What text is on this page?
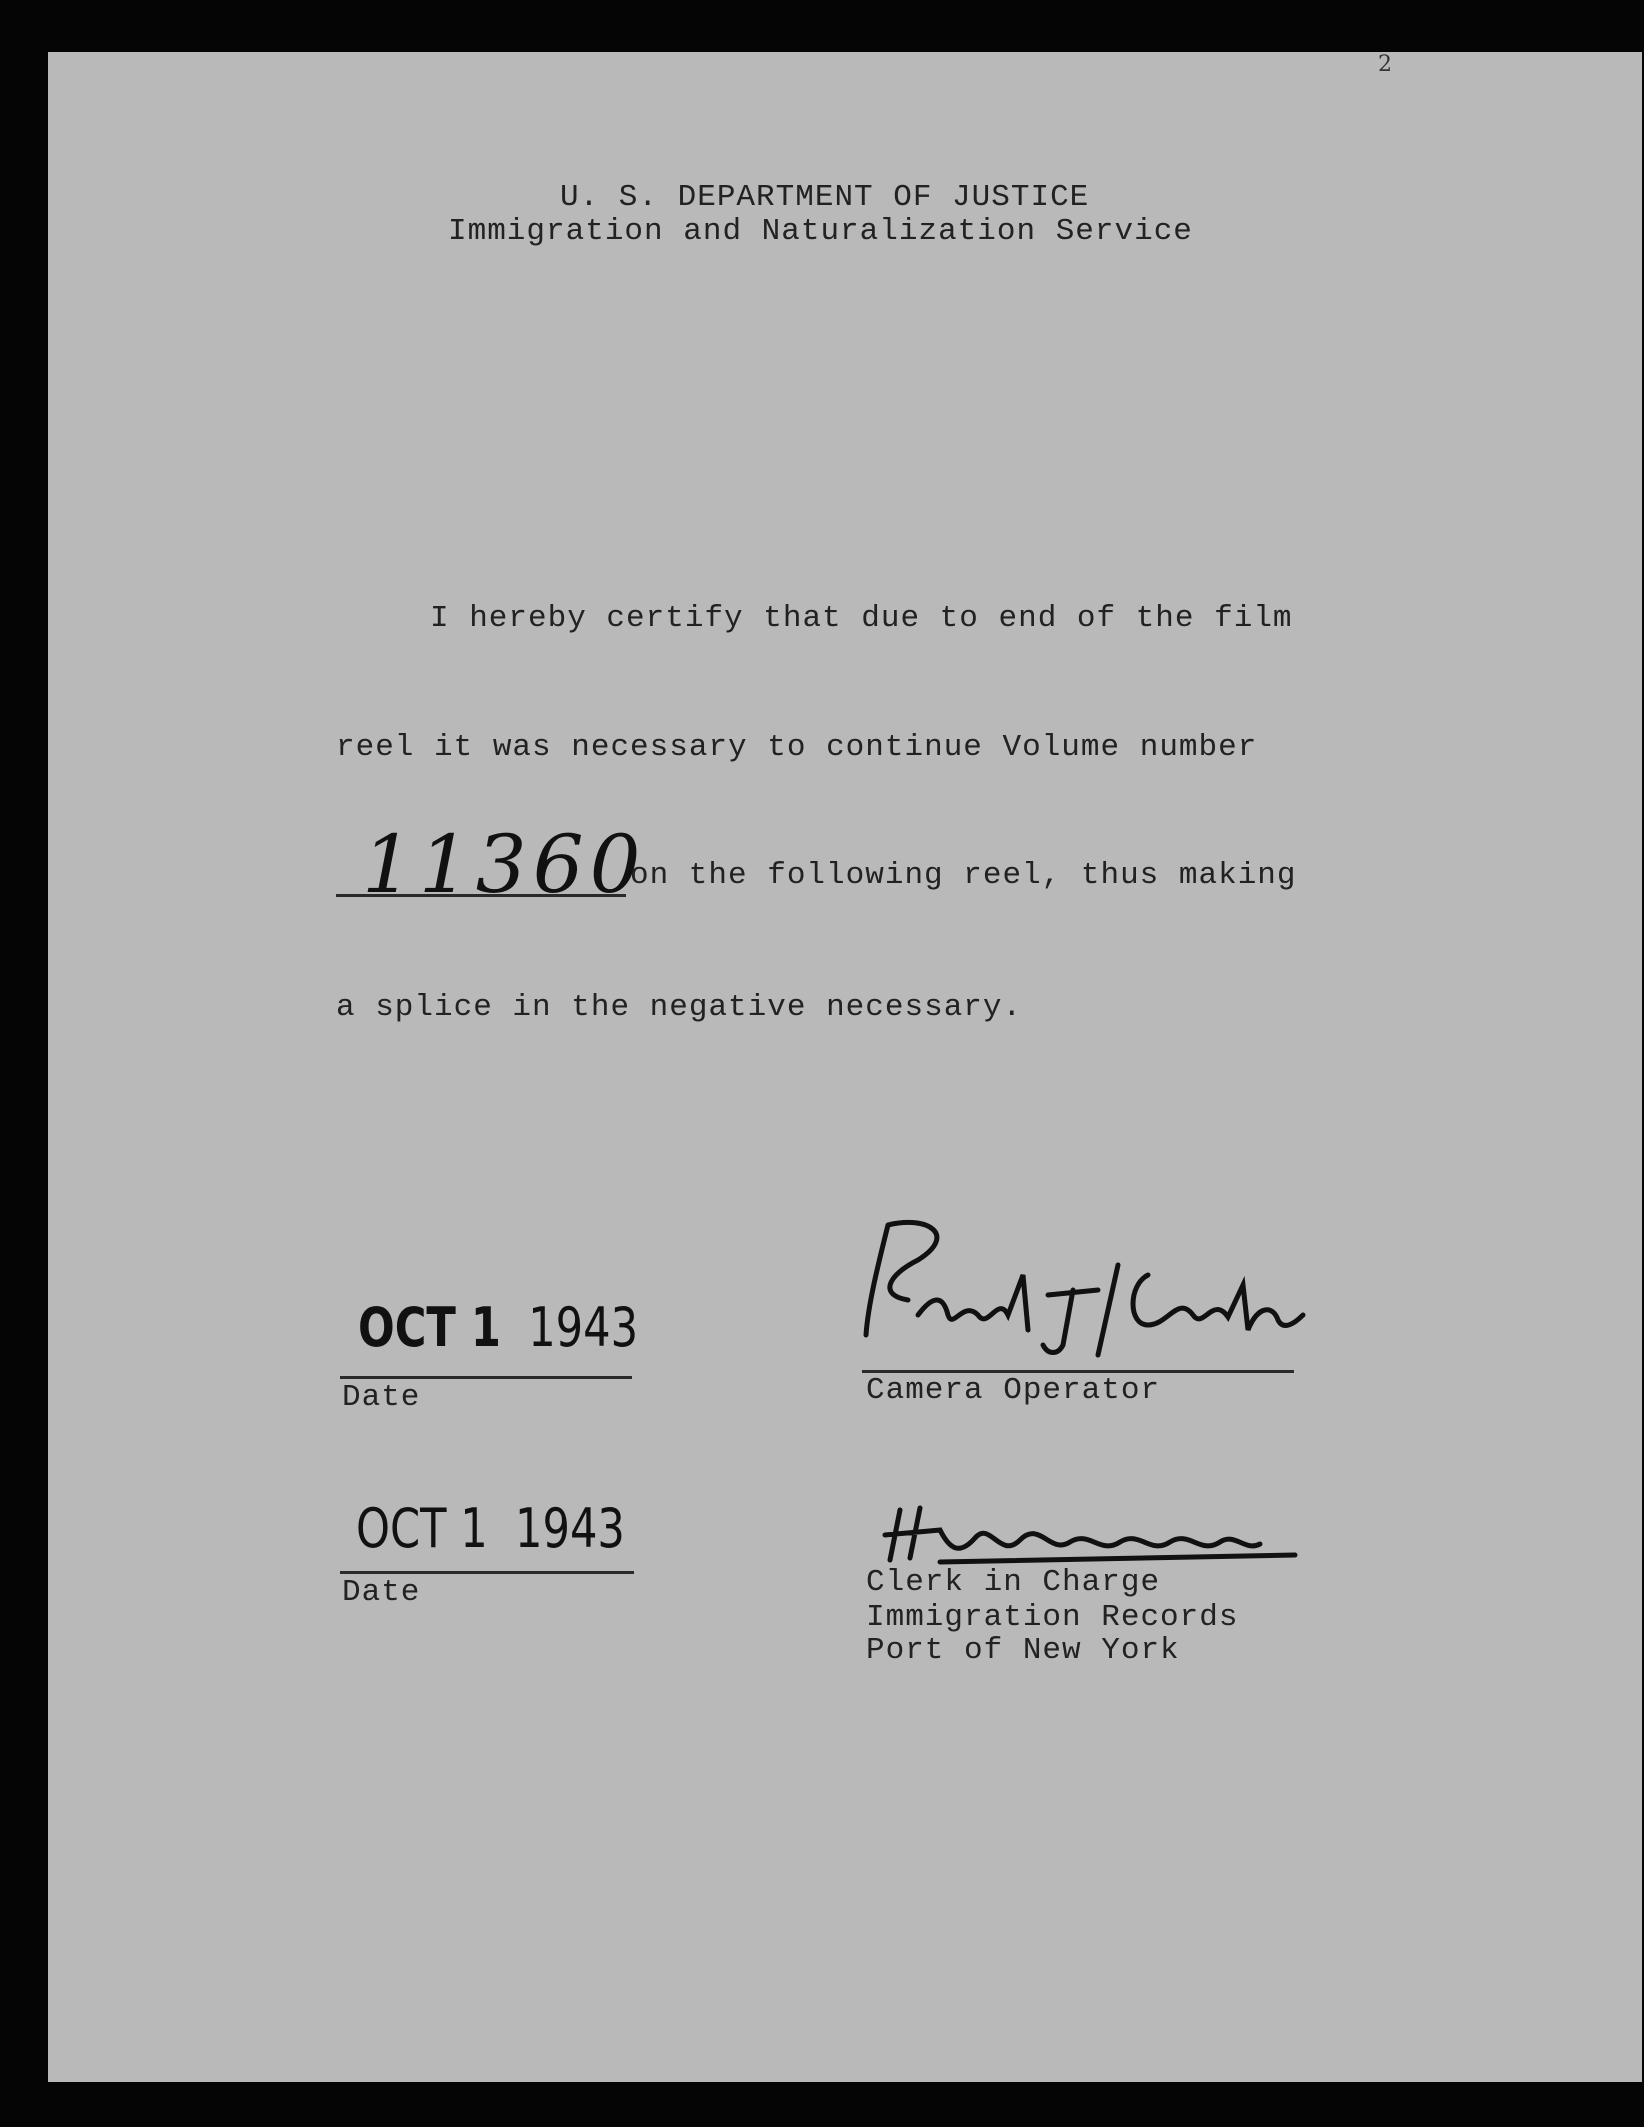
2
U. S. DEPARTMENT OF JUSTICE
Immigration and Naturalization Service
I hereby certify that due to end of the film
reel it was necessary to continue Volume number
11360
on the following reel, thus making
a splice in the negative necessary.
OCT 1 1943
Date	Camera Operator
OCT 1 1943
Date	Clerk in Charge
Immigration Records
Port of New York
